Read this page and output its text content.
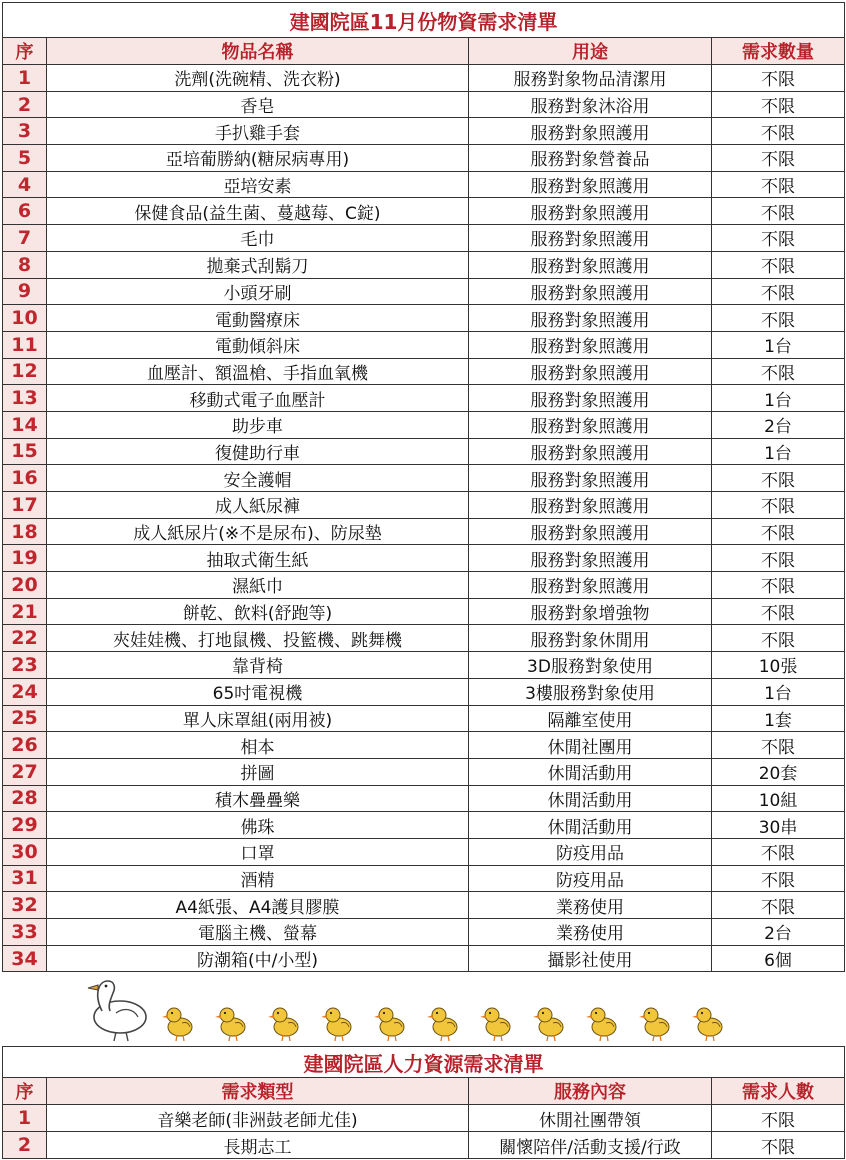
建國院區11月份物資需求清單			
序	物品名稱	用途	需求數量
1	洗劑(洗碗精、洗衣粉)	服務對象物品清潔用	不限
2	香皂	服務對象沐浴用	不限
3	手扒雞手套	服務對象照護用	不限
5	亞培葡勝納(糖尿病專用)	服務對象營養品	不限
4	亞培安素	服務對象照護用	不限
6	保健食品(益生菌、蔓越莓、C錠)	服務對象照護用	不限
7	毛巾	服務對象照護用	不限
8	拋棄式刮鬍刀	服務對象照護用	不限
9	小頭牙刷	服務對象照護用	不限
10	電動醫療床	服務對象照護用	不限
11	電動傾斜床	服務對象照護用	1台
12	血壓計、額溫槍、手指血氧機	服務對象照護用	不限
13	移動式電子血壓計	服務對象照護用	1台
14	助步車	服務對象照護用	2台
15	復健助行車	服務對象照護用	1台
16	安全護帽	服務對象照護用	不限
17	成人紙尿褲	服務對象照護用	不限
18	成人紙尿片(※不是尿布)、防尿墊	服務對象照護用	不限
19	抽取式衛生紙	服務對象照護用	不限
20	濕紙巾	服務對象照護用	不限
21	餅乾、飲料(舒跑等)	服務對象增強物	不限
22	夾娃娃機、打地鼠機、投籃機、跳舞機	服務對象休閒用	不限
23	靠背椅	3D服務對象使用	10張
24	65吋電視機	3樓服務對象使用	1台
25	單人床罩組(兩用被)	隔離室使用	1套
26	相本	休閒社團用	不限
27	拼圖	休閒活動用	20套
28	積木疊疊樂	休閒活動用	10組
29	佛珠	休閒活動用	30串
30	口罩	防疫用品	不限
31	酒精	防疫用品	不限
32	A4紙張、A4護貝膠膜	業務使用	不限
33	電腦主機、螢幕	業務使用	2台
34	防潮箱(中/小型)	攝影社使用	6個
建國院區人力資源需求清單			
序	需求類型	服務內容	需求人數
1	音樂老師(非洲鼓老師尤佳)	休閒社團帶領	不限
2	長期志工	關懷陪伴/活動支援/行政	不限
